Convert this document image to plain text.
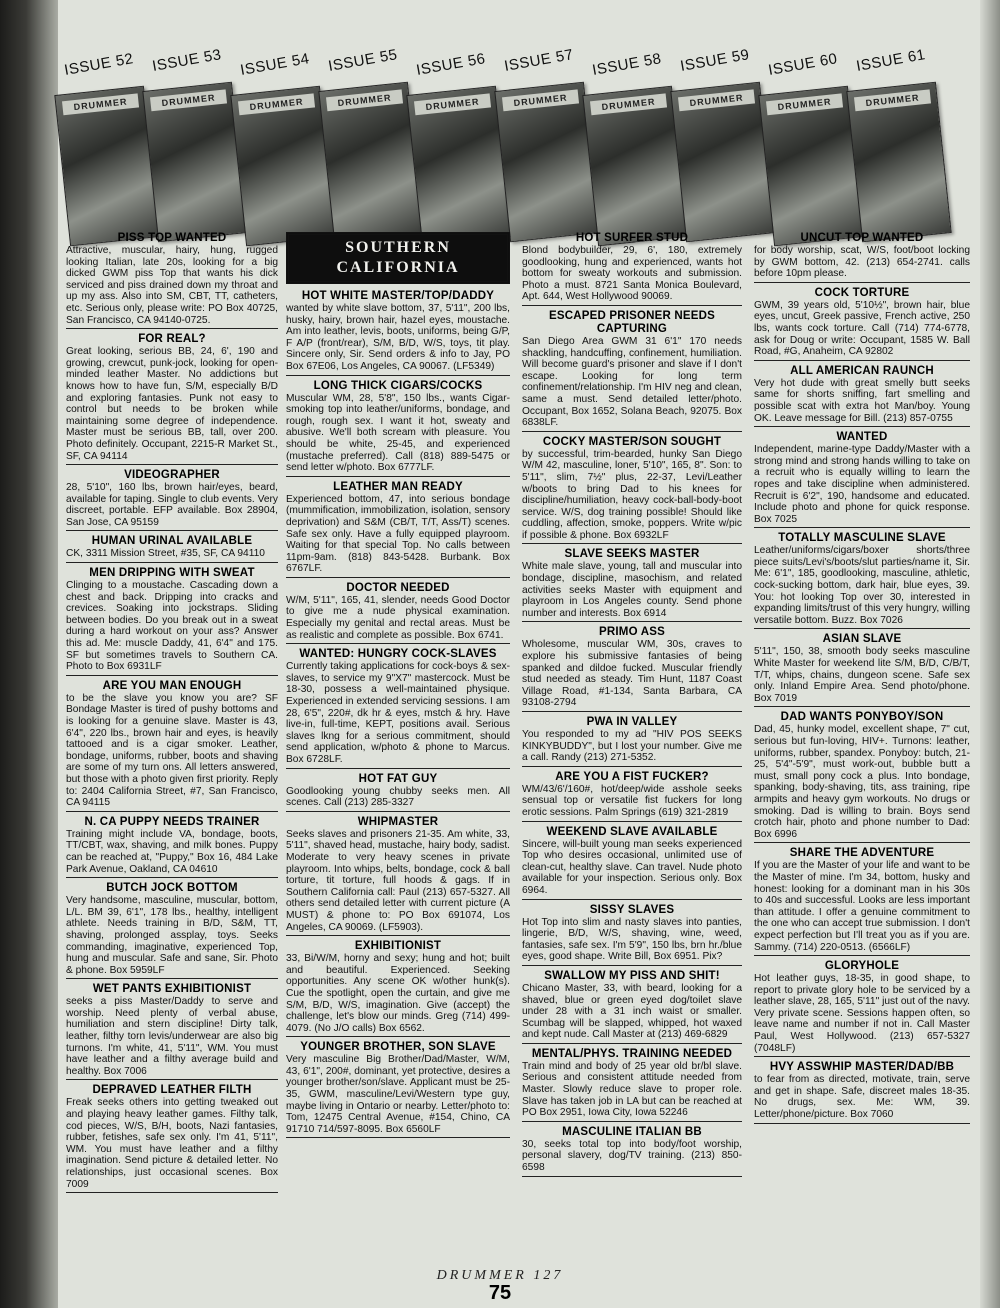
ISSUE 52
DRUMMER
ISSUE 53
DRUMMER
ISSUE 54
DRUMMER
ISSUE 55
DRUMMER
ISSUE 56
DRUMMER
ISSUE 57
DRUMMER
ISSUE 58
DRUMMER
ISSUE 59
DRUMMER
ISSUE 60
DRUMMER
ISSUE 61
DRUMMER
PISS TOP WANTED

Attractive, muscular, hairy, hung, rugged looking Italian, late 20s, looking for a big dicked GWM piss Top that wants his dick serviced and piss drained down my throat and up my ass. Also into SM, CBT, TT, catheters, etc. Serious only, please write: PO Box 40725, San Francisco, CA 94140-0725.

FOR REAL?

Great looking, serious BB, 24, 6', 190 and growing, crewcut, punk-jock, looking for open-minded leather Master. No addictions but knows how to have fun, S/M, especially B/D and exploring fantasies. Punk not easy to control but needs to be broken while maintaining some degree of independence. Master must be serious BB, tall, over 200. Photo definitely. Occupant, 2215-R Market St., SF, CA 94114

VIDEOGRAPHER

28, 5'10", 160 lbs, brown hair/eyes, beard, available for taping. Single to club events. Very discreet, portable. EFP available. Box 28904, San Jose, CA 95159

HUMAN URINAL AVAILABLE

CK, 3311 Mission Street, #35, SF, CA 94110

MEN DRIPPING WITH SWEAT

Clinging to a moustache. Cascading down a chest and back. Dripping into cracks and crevices. Soaking into jockstraps. Sliding between bodies. Do you break out in a sweat during a hard workout on your ass? Answer this ad. Me: muscle Daddy, 41, 6'4" and 175. SF but sometimes travels to Southern CA. Photo to Box 6931LF

ARE YOU MAN ENOUGH

to be the slave you know you are? SF Bondage Master is tired of pushy bottoms and is looking for a genuine slave. Master is 43, 6'4", 220 lbs., brown hair and eyes, is heavily tattooed and is a cigar smoker. Leather, bondage, uniforms, rubber, boots and shaving are some of my turn ons. All letters answered, but those with a photo given first priority. Reply to: 2404 California Street, #7, San Francisco, CA 94115

N. CA PUPPY NEEDS TRAINER

Training might include VA, bondage, boots, TT/CBT, wax, shaving, and milk bones. Puppy can be reached at, "Puppy," Box 16, 484 Lake Park Avenue, Oakland, CA 04610

BUTCH JOCK BOTTOM

Very handsome, masculine, muscular, bottom, L/L. BM 39, 6'1", 178 lbs., healthy, intelligent athlete. Needs training in B/D, S&M, TT, shaving, prolonged assplay, toys. Seeks commanding, imaginative, experienced Top, hung and muscular. Safe and sane, Sir. Photo & phone. Box 5959LF

WET PANTS EXHIBITIONIST

seeks a piss Master/Daddy to serve and worship. Need plenty of verbal abuse, humiliation and stern discipline! Dirty talk, leather, filthy torn levis/underwear are also big turnons. I'm white, 41, 5'11", WM. You must have leather and a filthy average build and healthy. Box 7006

DEPRAVED LEATHER FILTH

Freak seeks others into getting tweaked out and playing heavy leather games. Filthy talk, cod pieces, W/S, B/H, boots, Nazi fantasies, rubber, fetishes, safe sex only. I'm 41, 5'11", WM. You must have leather and a filthy imagination. Send picture & detailed letter. No relationships, just occasional scenes. Box 7009

SOUTHERN CALIFORNIA
HOT WHITE MASTER/TOP/DADDY

wanted by white slave bottom, 37, 5'11", 200 lbs, husky, hairy, brown hair, hazel eyes, moustache. Am into leather, levis, boots, uniforms, being G/P, F A/P (front/rear), S/M, B/D, W/S, toys, tit play. Sincere only, Sir. Send orders & info to Jay, PO Box 67E06, Los Angeles, CA 90067. (LF5349)

LONG THICK CIGARS/COCKS

Muscular WM, 28, 5'8", 150 lbs., wants Cigar-smoking top into leather/uniforms, bondage, and rough, rough sex. I want it hot, sweaty and abusive. We'll both scream with pleasure. You should be white, 25-45, and experienced (mustache preferred). Call (818) 889-5475 or send letter w/photo. Box 6777LF.

LEATHER MAN READY

Experienced bottom, 47, into serious bondage (mummification, immobilization, isolation, sensory deprivation) and S&M (CB/T, T/T, Ass/T) scenes. Safe sex only. Have a fully equipped playroom. Waiting for that special Top. No calls between 11pm-9am. (818) 843-5428. Burbank. Box 6767LF.

DOCTOR NEEDED

W/M, 5'11", 165, 41, slender, needs Good Doctor to give me a nude physical examination. Especially my genital and rectal areas. Must be as realistic and complete as possible. Box 6741.

WANTED: HUNGRY COCK-SLAVES

Currently taking applications for cock-boys & sex-slaves, to service my 9"X7" mastercock. Must be 18-30, possess a well-maintained physique. Experienced in extended servicing sessions. I am 28, 6'5", 220#, dk hr & eyes, mstch & hry. Have live-in, full-time, KEPT, positions avail. Serious slaves lkng for a serious commitment, should send application, w/photo & phone to Marcus. Box 6728LF.

HOT FAT GUY

Goodlooking young chubby seeks men. All scenes. Call (213) 285-3327

WHIPMASTER

Seeks slaves and prisoners 21-35. Am white, 33, 5'11", shaved head, mustache, hairy body, sadist. Moderate to very heavy scenes in private playroom. Into whips, belts, bondage, cock & ball torture, tit torture, full hoods & gags. If in Southern California call: Paul (213) 657-5327. All others send detailed letter with current picture (A MUST) & phone to: PO Box 691074, Los Angeles, CA 90069. (LF5903).

EXHIBITIONIST

33, Bi/W/M, horny and sexy; hung and hot; built and beautiful. Experienced. Seeking opportunities. Any scene OK w/other hunk(s). Cue the spotlight, open the curtain, and give me S/M, B/D, W/S, imagination. Give (accept) the challenge, let's blow our minds. Greg (714) 499-4079. (No J/O calls) Box 6562.

YOUNGER BROTHER, SON SLAVE

Very masculine Big Brother/Dad/Master, W/M, 43, 6'1", 200#, dominant, yet protective, desires a younger brother/son/slave. Applicant must be 25-35, GWM, masculine/Levi/Western type guy, maybe living in Ontario or nearby. Letter/photo to: Tom, 12475 Central Avenue, #154, Chino, CA 91710 714/597-8095. Box 6560LF

HOT SURFER STUD

Blond bodybuilder, 29, 6', 180, extremely goodlooking, hung and experienced, wants hot bottom for sweaty workouts and submission. Photo a must. 8721 Santa Monica Boulevard, Apt. 644, West Hollywood 90069.

ESCAPED PRISONER NEEDS CAPTURING

San Diego Area GWM 31 6'1" 170 needs shackling, handcuffing, confinement, humiliation. Will become guard's prisoner and slave if I don't escape. Looking for long term confinement/relationship. I'm HIV neg and clean, same a must. Send detailed letter/photo. Occupant, Box 1652, Solana Beach, 92075. Box 6838LF.

COCKY MASTER/SON SOUGHT

by successful, trim-bearded, hunky San Diego W/M 42, masculine, loner, 5'10", 165, 8". Son: to 5'11", slim, 7½" plus, 22-37, Levi/Leather w/boots to bring Dad to his knees for discipline/humiliation, heavy cock-ball-body-boot service. W/S, dog training possible! Should like cuddling, affection, smoke, poppers. Write w/pic if possible & phone. Box 6932LF

SLAVE SEEKS MASTER

White male slave, young, tall and muscular into bondage, discipline, masochism, and related activities seeks Master with equipment and playroom in Los Angeles county. Send phone number and interests. Box 6914

PRIMO ASS

Wholesome, muscular WM, 30s, craves to explore his submissive fantasies of being spanked and dildoe fucked. Muscular friendly stud needed as steady. Tim Hunt, 1187 Coast Village Road, #1-134, Santa Barbara, CA 93108-2794

PWA IN VALLEY

You responded to my ad "HIV POS SEEKS KINKYBUDDY", but I lost your number. Give me a call. Randy (213) 271-5352.

ARE YOU A FIST FUCKER?

WM/43/6'/160#, hot/deep/wide asshole seeks sensual top or versatile fist fuckers for long erotic sessions. Palm Springs (619) 321-2819

WEEKEND SLAVE AVAILABLE

Sincere, will-built young man seeks experienced Top who desires occasional, unlimited use of clean-cut, healthy slave. Can travel. Nude photo available for your inspection. Serious only. Box 6964.

SISSY SLAVES

Hot Top into slim and nasty slaves into panties, lingerie, B/D, W/S, shaving, wine, weed, fantasies, safe sex. I'm 5'9", 150 lbs, brn hr./blue eyes, good shape. Write Bill, Box 6951. Pix?

SWALLOW MY PISS AND SHIT!

Chicano Master, 33, with beard, looking for a shaved, blue or green eyed dog/toilet slave under 28 with a 31 inch waist or smaller. Scumbag will be slapped, whipped, hot waxed and kept nude. Call Master at (213) 469-6829

MENTAL/PHYS. TRAINING NEEDED

Train mind and body of 25 year old br/bl slave. Serious and consistent attitude needed from Master. Slowly reduce slave to proper role. Slave has taken job in LA but can be reached at PO Box 2951, Iowa City, Iowa 52246

MASCULINE ITALIAN BB

30, seeks total top into body/foot worship, personal slavery, dog/TV training. (213) 850-6598

UNCUT TOP WANTED

for body worship, scat, W/S, foot/boot locking by GWM bottom, 42. (213) 654-2741. calls before 10pm please.

COCK TORTURE

GWM, 39 years old, 5'10½", brown hair, blue eyes, uncut, Greek passive, French active, 250 lbs, wants cock torture. Call (714) 774-6778, ask for Doug or write: Occupant, 1585 W. Ball Road, #G, Anaheim, CA 92802

ALL AMERICAN RAUNCH

Very hot dude with great smelly butt seeks same for shorts sniffing, fart smelling and possible scat with extra hot Man/boy. Young OK. Leave message for Bill. (213) 857-0755

WANTED

Independent, marine-type Daddy/Master with a strong mind and strong hands willing to take on a recruit who is equally willing to learn the ropes and take discipline when administered. Recruit is 6'2", 190, handsome and educated. Include photo and phone for quick response. Box 7025

TOTALLY MASCULINE SLAVE

Leather/uniforms/cigars/boxer shorts/three piece suits/Levi's/boots/slut parties/name it, Sir. Me: 6'1", 185, goodlooking, masculine, athletic, cock-sucking bottom, dark hair, blue eyes, 39. You: hot looking Top over 30, interested in expanding limits/trust of this very hungry, willing versatile bottom. Buzz. Box 7026

ASIAN SLAVE

5'11", 150, 38, smooth body seeks masculine White Master for weekend lite S/M, B/D, C/B/T, T/T, whips, chains, dungeon scene. Safe sex only. Inland Empire Area. Send photo/phone. Box 7019

DAD WANTS PONYBOY/SON

Dad, 45, hunky model, excellent shape, 7" cut, serious but fun-loving, HIV+. Turnons: leather, uniforms, rubber, spandex. Ponyboy: butch, 21-25, 5'4"-5'9", must work-out, bubble butt a must, small pony cock a plus. Into bondage, spanking, body-shaving, tits, ass training, ripe armpits and heavy gym workouts. No drugs or smoking. Dad is willing to brain. Boys send crotch hair, photo and phone number to Dad: Box 6996

SHARE THE ADVENTURE

If you are the Master of your life and want to be the Master of mine. I'm 34, bottom, husky and honest: looking for a dominant man in his 30s to 40s and successful. Looks are less important than attitude. I offer a genuine commitment to the one who can accept true submission. I don't expect perfection but I'll treat you as if you are. Sammy. (714) 220-0513. (6566LF)

GLORYHOLE

Hot leather guys, 18-35, in good shape, to report to private glory hole to be serviced by a leather slave, 28, 165, 5'11" just out of the navy. Very private scene. Sessions happen often, so leave name and number if not in. Call Master Paul, West Hollywood. (213) 657-5327 (7048LF)

HVY ASSWHIP MASTER/DAD/BB

to fear from as directed, motivate, train, serve and get in shape. Safe, discreet males 18-35. No drugs, sex. Me: WM, 39. Letter/phone/picture. Box 7060

DRUMMER 127
75
